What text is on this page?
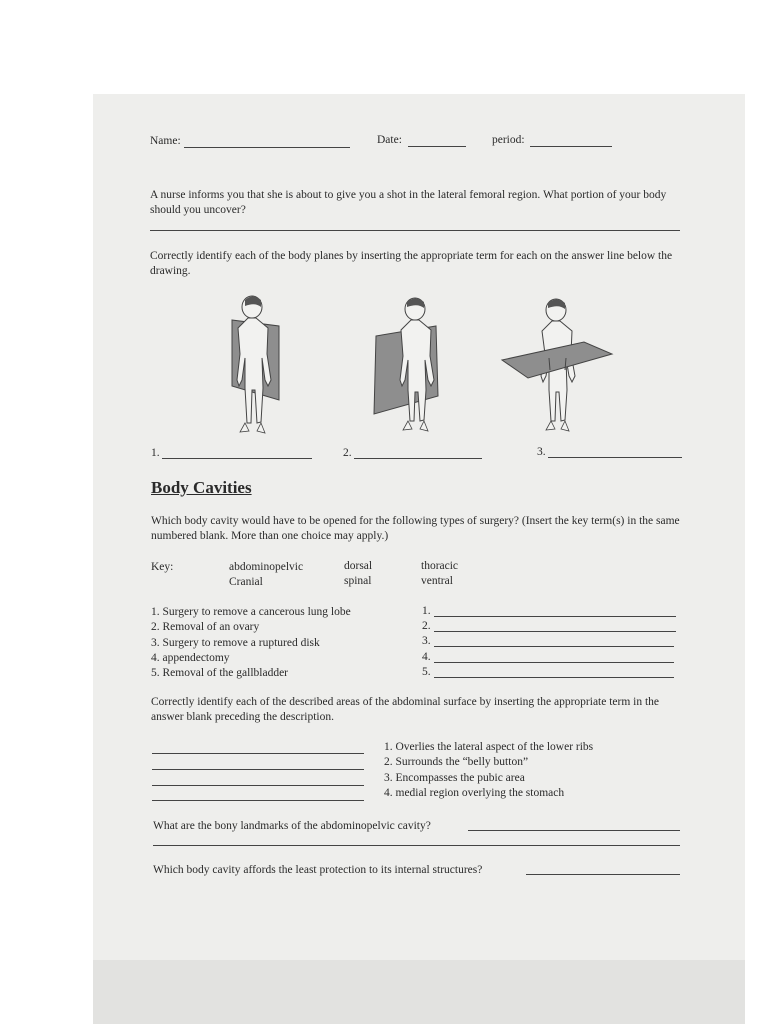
Name:	Date:	period:
A nurse informs you that she is about to give you a shot in the lateral femoral region. What portion of your body should you uncover?
Correctly identify each of the body planes by inserting the appropriate term for each on the answer line below the drawing.
1.	2.	3.
Body Cavities
Which body cavity would have to be opened for the following types of surgery? (Insert the key term(s) in the same numbered blank. More than one choice may apply.)
Key:	abdominopelvic	dorsal	thoracic
Cranial	spinal	ventral
1. Surgery to remove a cancerous lung lobe
2. Removal of an ovary
3. Surgery to remove a ruptured disk
4. appendectomy
5. Removal of the gallbladder
1.
2.
3.
4.
5.
Correctly identify each of the described areas of the abdominal surface by inserting the appropriate term in the answer blank preceding the description.
1. Overlies the lateral aspect of the lower ribs
2. Surrounds the “belly button”
3. Encompasses the pubic area
4. medial region overlying the stomach
What are the bony landmarks of the abdominopelvic cavity?
Which body cavity affords the least protection to its internal structures?
